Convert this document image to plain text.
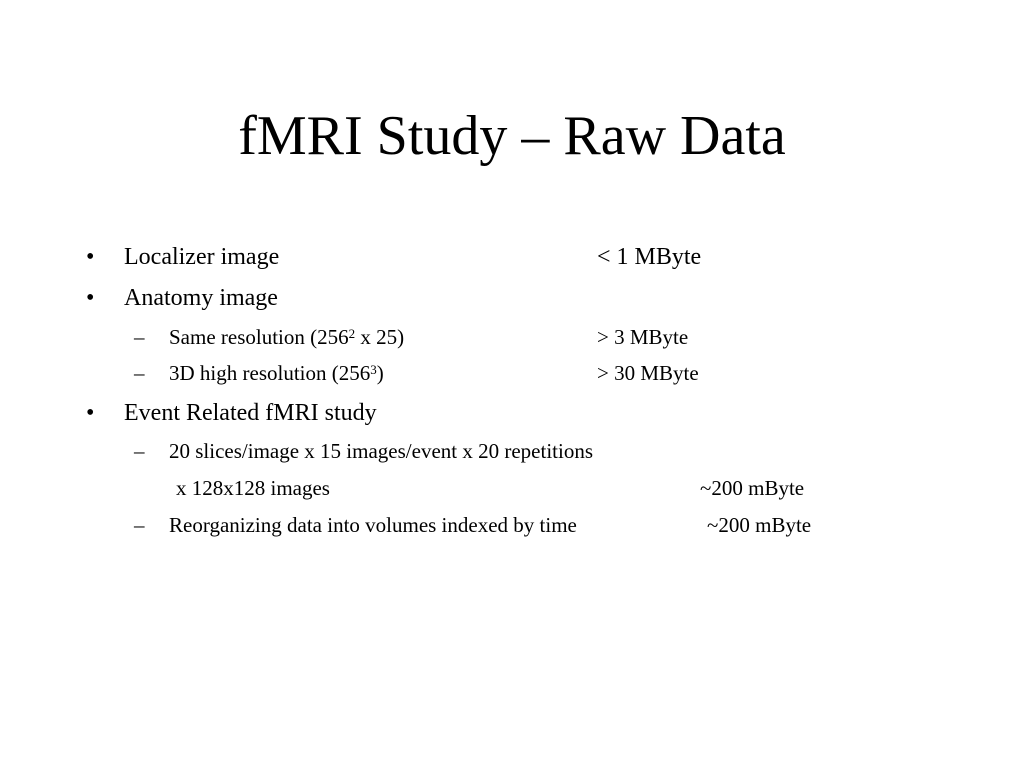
fMRI Study – Raw Data
• Localizer image	< 1 MByte
• Anatomy image
– Same resolution ($256^2$ x 25)	> 3 MByte
– 3D high resolution $(256^3)$	> 30 MByte
• Event Related fMRI study
– 20 slices/image x 15 images/event x 20 repetitions
x 128x128 images	~200 mByte
– Reorganizing data into volumes indexed by time	~200 mByte
